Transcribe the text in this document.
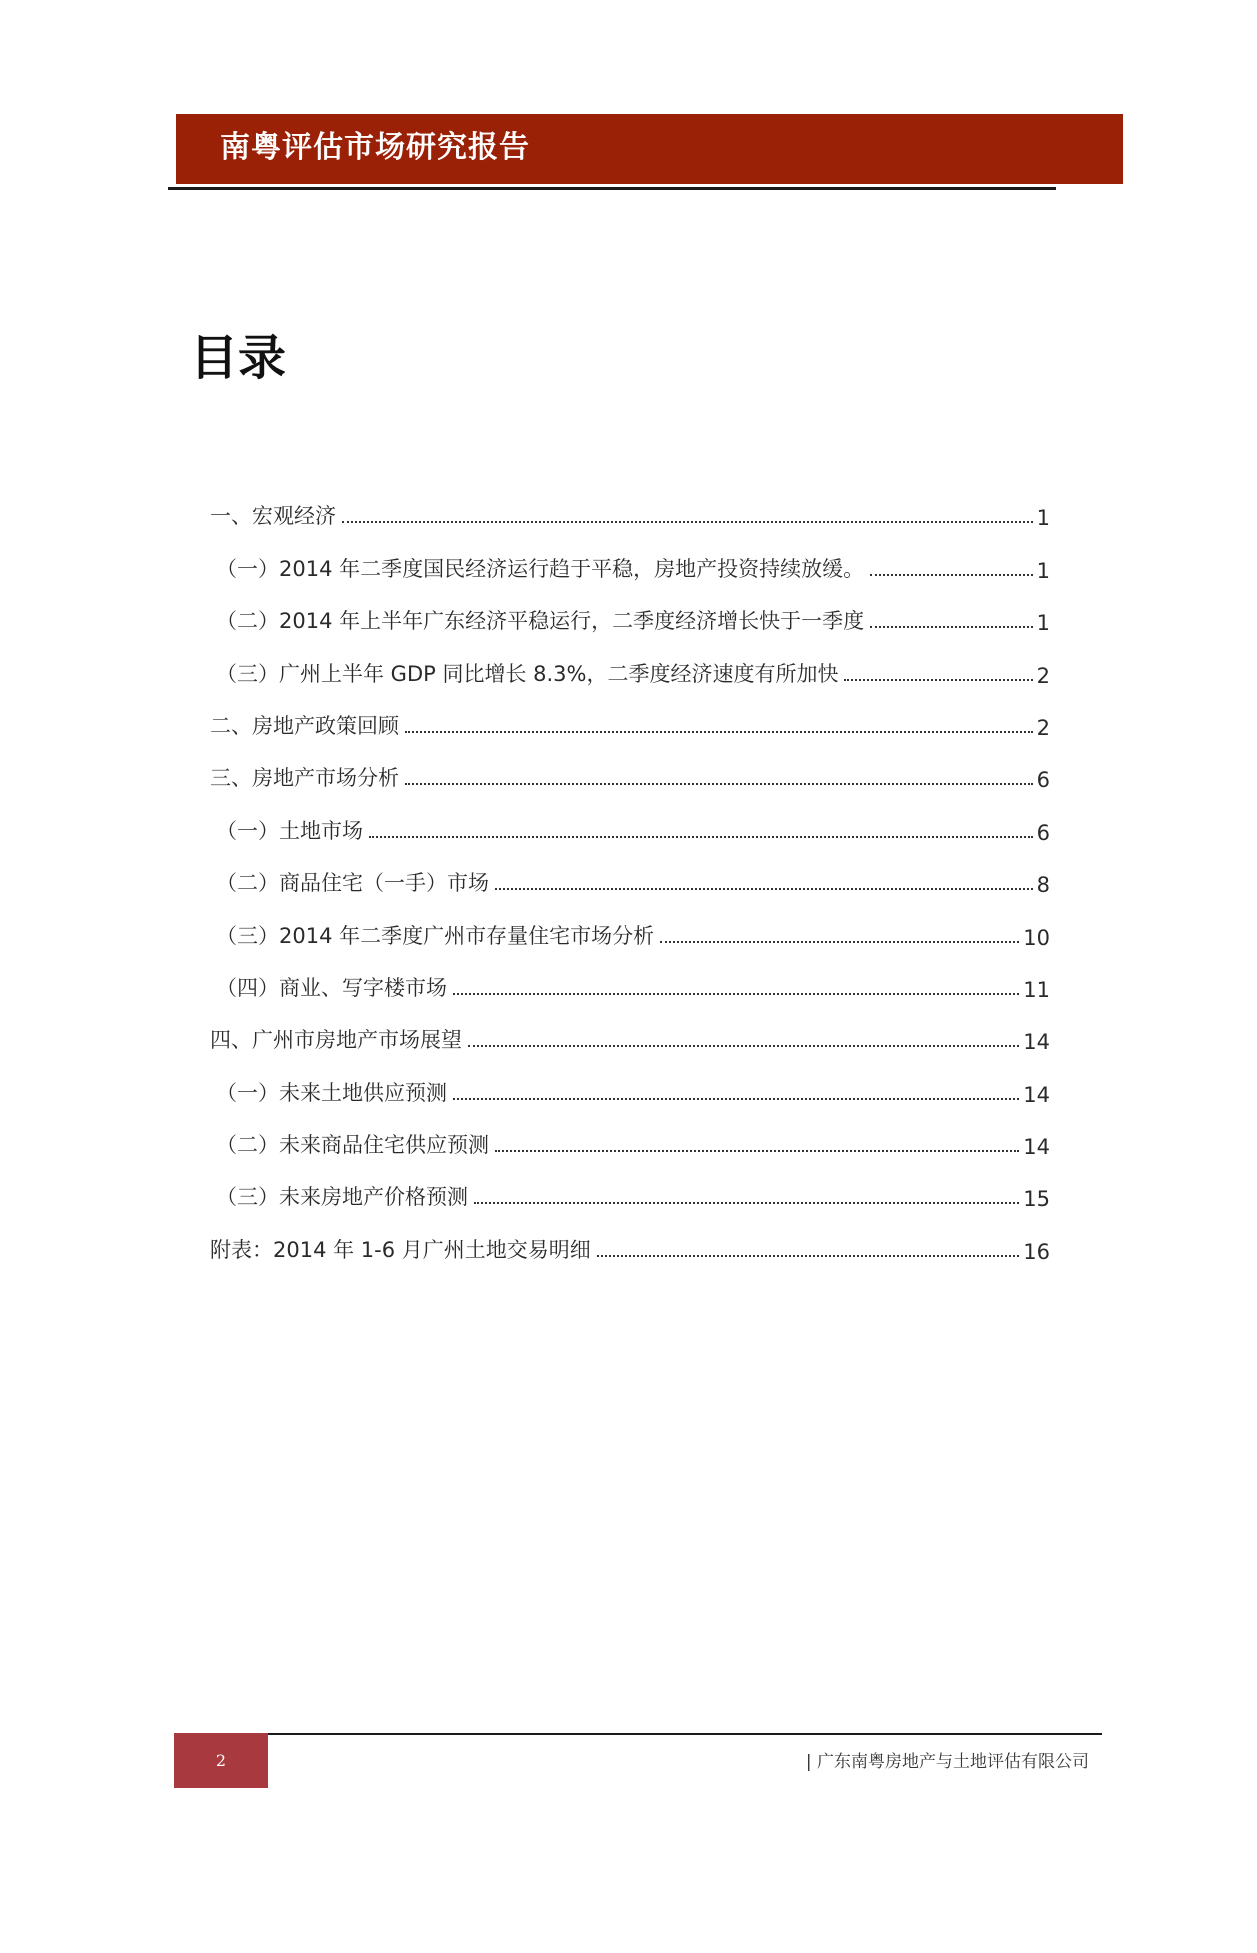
南粤评估市场研究报告
目录
一、宏观经济	1
（一）2014 年二季度国民经济运行趋于平稳，房地产投资持续放缓。	1
（二）2014 年上半年广东经济平稳运行，二季度经济增长快于一季度	1
（三）广州上半年 GDP 同比增长 8.3%，二季度经济速度有所加快	2
二、房地产政策回顾	2
三、房地产市场分析	6
（一）土地市场	6
（二）商品住宅（一手）市场	8
（三）2014 年二季度广州市存量住宅市场分析	10
（四）商业、写字楼市场	11
四、广州市房地产市场展望	14
（一）未来土地供应预测	14
（二）未来商品住宅供应预测	14
（三）未来房地产价格预测	15
附表：2014 年 1-6 月广州土地交易明细	16
2	| 广东南粤房地产与土地评估有限公司
